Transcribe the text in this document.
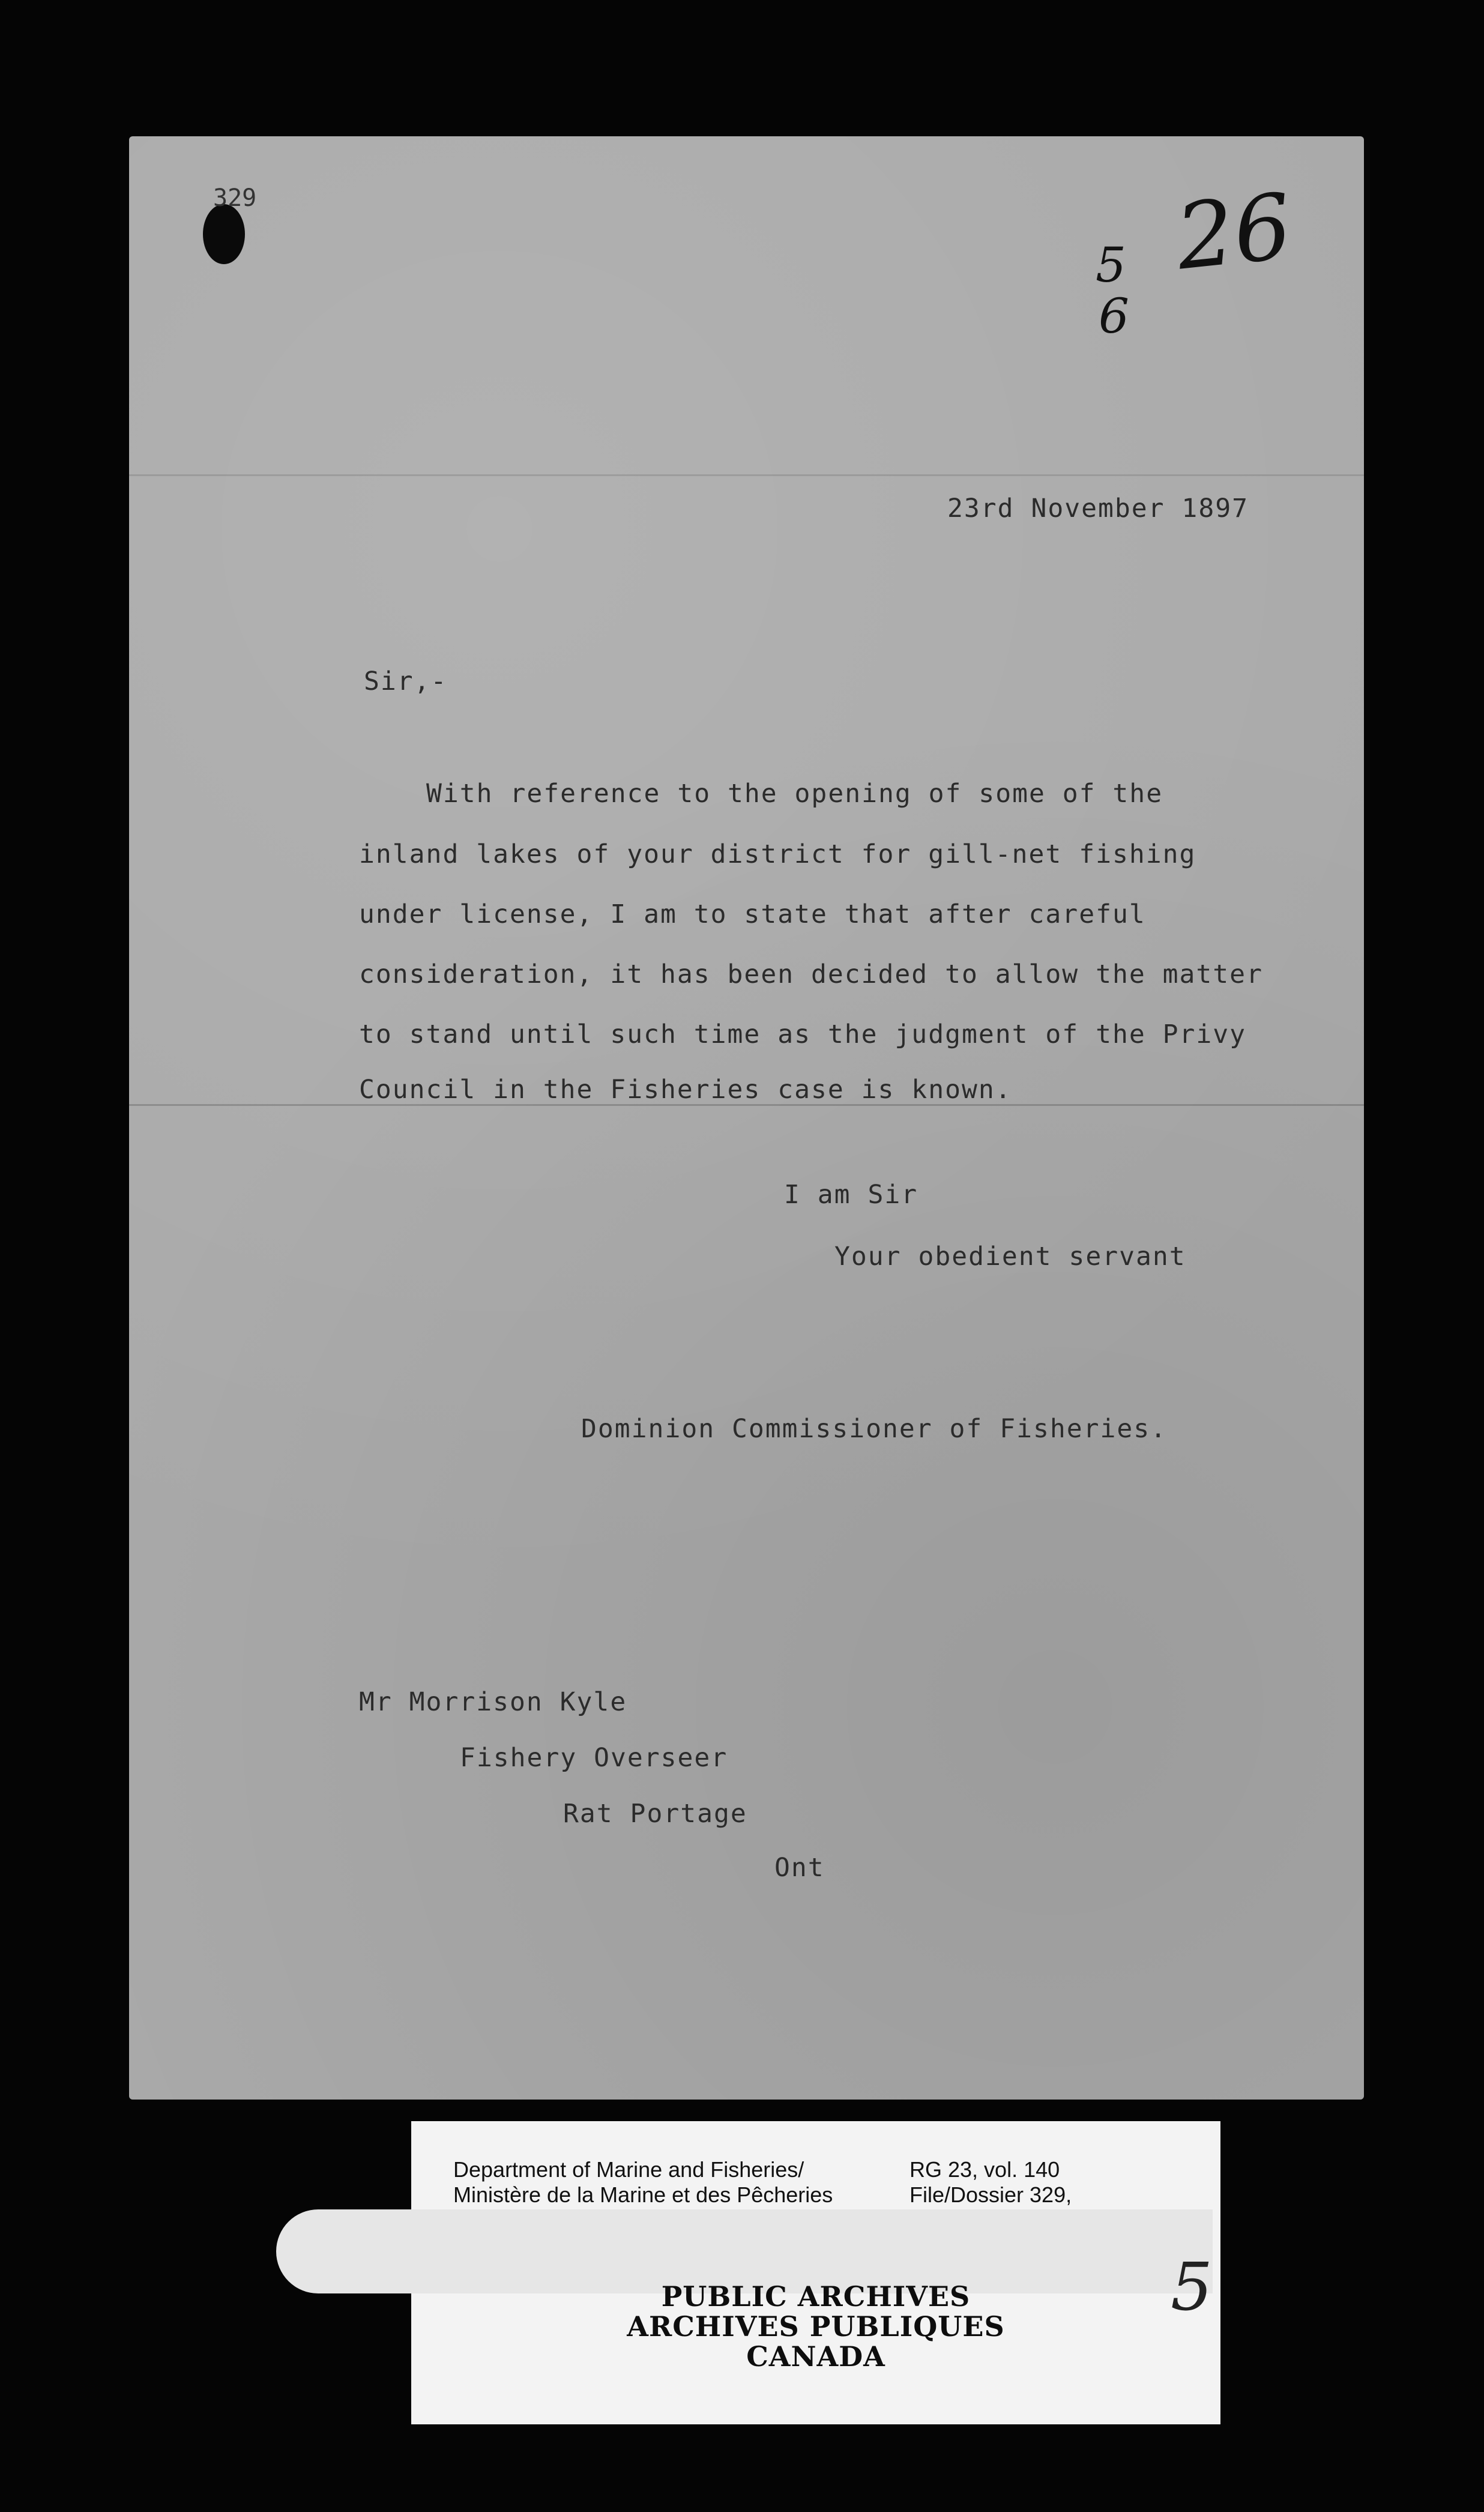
329	26
5
6
23rd November 1897
Sir,-
With reference to the opening of some of the
inland lakes of your district for gill-net fishing
under license, I am to state that after careful
consideration, it has been decided to allow the matter
to stand until such time as the judgment of the Privy
Council in the Fisheries case is known.
I am Sir
Your obedient servant
Dominion Commissioner of Fisheries.
Mr Morrison Kyle
Fishery Overseer
Rat Portage
Ont
Department of Marine and Fisheries/
Ministère de la Marine et des Pêcheries
RG 23, vol. 140
File/Dossier 329,
PUBLIC ARCHIVES
ARCHIVES PUBLIQUES
CANADA
5
